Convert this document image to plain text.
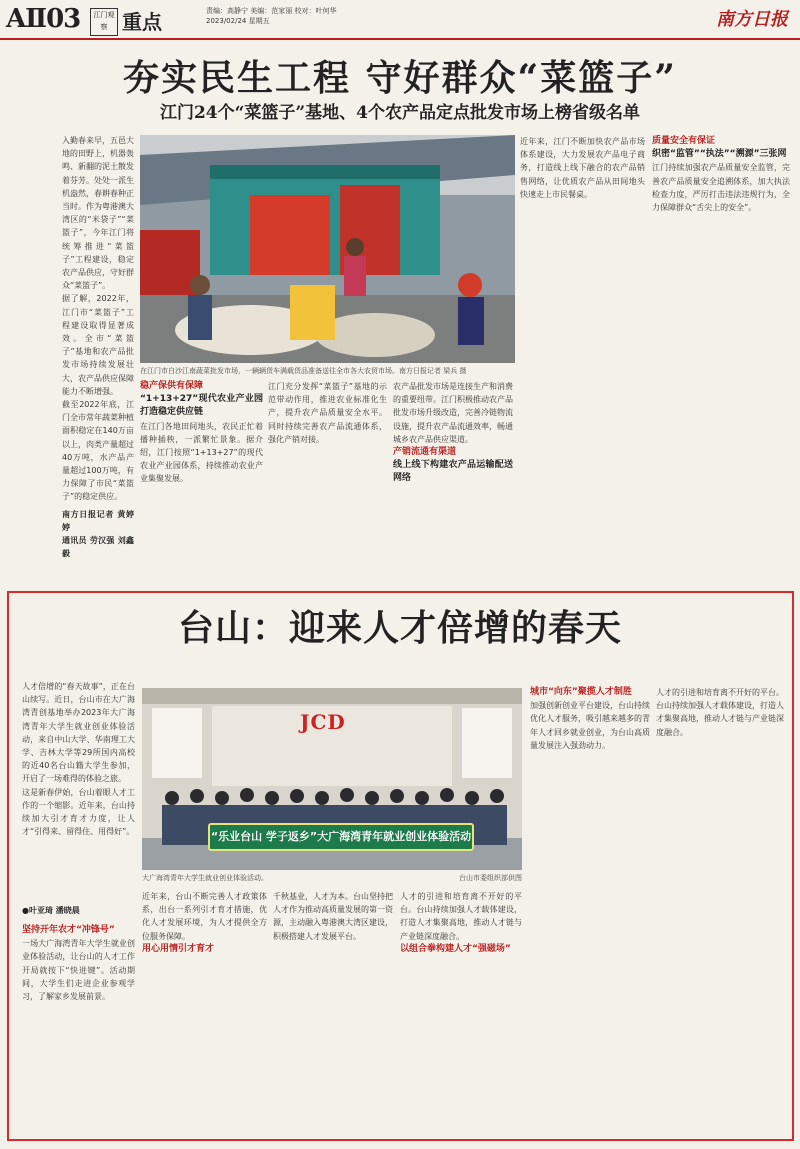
AⅡ03	江门观察 重点	责编：高静宁 美编：范家丽 校对：叶何华
2023/02/24 星期五	南方日报
夯实民生工程 守好群众“菜篮子”
江门24个“菜篮子”基地、4个农产品定点批发市场上榜省级名单
入勤春来早，五邑大地的田野上，机器轰鸣、新翻的泥土散发着芬芳。处处一派生机盎然，春耕春种正当时。作为粤港澳大湾区的“米袋子”“菜篮子”，今年江门将统筹推进“菜篮子”工程建设，稳定农产品供应，守好群众“菜篮子”。
据了解，2022年，江门市“菜篮子”工程建设取得显著成效。全市“菜篮子”基地和农产品批发市场持续发展壮大，农产品供应保障能力不断增强。
截至2022年底，江门全市常年蔬菜种植面积稳定在140万亩以上，肉类产量超过40万吨，水产品产量超过100万吨，有力保障了市民“菜篮子”的稳定供应。
南方日报记者 黄婷婷
通讯员 劳汉强 刘鑫毅
在江门市白沙江南蔬菜批发市场，一辆辆货车满载货品准备送往全市各大农贸市场。南方日报记者 梁兵 摄
稳产保供有保障
“1+13+27”现代农业产业园打造稳定供应链
在江门各地田间地头，农民正忙着播种插秧，一派繁忙景象。据介绍，江门按照“1+13+27”的现代农业产业园体系，持续推动农业产业集聚发展。
江门充分发挥“菜篮子”基地的示范带动作用，推进农业标准化生产，提升农产品质量安全水平。同时持续完善农产品流通体系，强化产销对接。
农产品批发市场是连接生产和消费的重要纽带。江门积极推动农产品批发市场升级改造，完善冷链物流设施，提升农产品流通效率，畅通城乡农产品供应渠道。
产销流通有渠道
线上线下构建农产品运输配送网络
近年来，江门不断加快农产品市场体系建设，大力发展农产品电子商务，打造线上线下融合的农产品销售网络，让优质农产品从田间地头快速走上市民餐桌。
质量安全有保证
织密“监管”“执法”“溯源”三张网
江门持续加强农产品质量安全监管，完善农产品质量安全追溯体系，加大执法检查力度，严厉打击违法违规行为，全力保障群众“舌尖上的安全”。
台山：迎来人才倍增的春天
人才倍增的“春天故事”，正在台山续写。近日，台山市在大广海湾青创基地举办2023年大广海湾青年大学生就业创业体验活动，来自中山大学、华南理工大学、吉林大学等29所国内高校的近40名台山籍大学生参加，开启了一场难得的体验之旅。
这是新春伊始，台山着眼人才工作的一个缩影。近年来，台山持续加大引才育才力度，让人才“引得来、留得住、用得好”。
●叶亚琦 潘晓晨
JCD
“乐业台山 学子返乡”大广海湾青年就业创业体验活动
大广海湾青年大学生就业创业体验活动。	台山市委组织部供图
坚持开年农才“冲锋号”
一场大广海湾青年大学生就业创业体验活动，让台山的人才工作开局就按下“快进键”。活动期间，大学生们走进企业参观学习，了解家乡发展前景。
近年来，台山不断完善人才政策体系，出台一系列引才育才措施，优化人才发展环境，为人才提供全方位服务保障。
用心用情引才育才
千秋基业，人才为本。台山坚持把人才作为推动高质量发展的第一资源，主动融入粤港澳大湾区建设，积极搭建人才发展平台。
人才的引进和培育离不开好的平台。台山持续加强人才载体建设，打造人才集聚高地，推动人才链与产业链深度融合。
以组合拳构建人才“强磁场”
城市“向东”聚揽人才制胜
加强创新创业平台建设，台山持续优化人才服务，吸引越来越多的青年人才回乡就业创业，为台山高质量发展注入强劲动力。
人才的引进和培育离不开好的平台。台山持续加强人才载体建设，打造人才集聚高地，推动人才链与产业链深度融合。
